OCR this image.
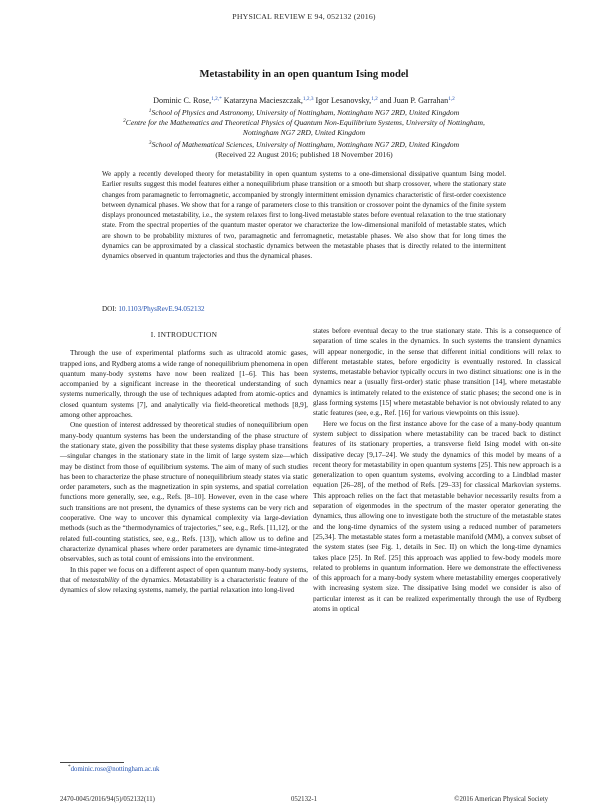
PHYSICAL REVIEW E 94, 052132 (2016)
Metastability in an open quantum Ising model
Dominic C. Rose,$^{1,2,*}$ Katarzyna Macieszczak,$^{1,2,3}$ Igor Lesanovsky,$^{1,2}$ and Juan P. Garrahan$^{1,2}$
$^1$School of Physics and Astronomy, University of Nottingham, Nottingham NG7 2RD, United Kingdom
$^2$Centre for the Mathematics and Theoretical Physics of Quantum Non-Equilibrium Systems, University of Nottingham,
Nottingham NG7 2RD, United Kingdom
$^3$School of Mathematical Sciences, University of Nottingham, Nottingham NG7 2RD, United Kingdom
(Received 22 August 2016; published 18 November 2016)
We apply a recently developed theory for metastability in open quantum systems to a one-dimensional dissipative quantum Ising model. Earlier results suggest this model features either a nonequilibrium phase transition or a smooth but sharp crossover, where the stationary state changes from paramagnetic to ferromagnetic, accompanied by strongly intermittent emission dynamics characteristic of first-order coexistence between dynamical phases. We show that for a range of parameters close to this transition or crossover point the dynamics of the finite system displays pronounced metastability, i.e., the system relaxes first to long-lived metastable states before eventual relaxation to the true stationary state. From the spectral properties of the quantum master operator we characterize the low-dimensional manifold of metastable states, which are shown to be probability mixtures of two, paramagnetic and ferromagnetic, metastable phases. We also show that for long times the dynamics can be approximated by a classical stochastic dynamics between the metastable phases that is directly related to the intermittent dynamics observed in quantum trajectories and thus the dynamical phases.
DOI: 10.1103/PhysRevE.94.052132
I. INTRODUCTION

Through the use of experimental platforms such as ultracold atomic gases, trapped ions, and Rydberg atoms a wide range of nonequilibrium phenomena in open quantum many-body systems have now been realized [1–6]. This has been accompanied by a significant increase in the theoretical understanding of such systems numerically, through the use of techniques adapted from atomic-optics and closed quantum systems [7], and analytically via field-theoretical methods [8,9], among other approaches.

One question of interest addressed by theoretical studies of nonequilibrium open many-body quantum systems has been the understanding of the phase structure of the stationary state, given the possibility that these systems display phase transitions—singular changes in the stationary state in the limit of large system size—which may be distinct from those of equilibrium systems. The aim of many of such studies has been to characterize the phase structure of nonequilibrium steady states via static order parameters, such as the magnetization in spin systems, and spatial correlation functions more generally, see, e.g., Refs. [8–10]. However, even in the case where such transitions are not present, the dynamics of these systems can be very rich and cooperative. One way to uncover this dynamical complexity via large-deviation methods (such as the “thermodynamics of trajectories,” see, e.g., Refs. [11,12], or the related full-counting statistics, see, e.g., Refs. [13]), which allow us to define and characterize dynamical phases where order parameters are dynamic time-integrated observables, such as total count of emissions into the environment.

In this paper we focus on a different aspect of open quantum many-body systems, that of metastability of the dynamics. Metastability is a characteristic feature of the dynamics of slow relaxing systems, namely, the partial relaxation into long-lived

states before eventual decay to the true stationary state. This is a consequence of separation of time scales in the dynamics. In such systems the transient dynamics will appear nonergodic, in the sense that different initial conditions will relax to different metastable states, before ergodicity is eventually restored. In classical systems, metastable behavior typically occurs in two distinct situations: one is in the dynamics near a (usually first-order) static phase transition [14], where metastable dynamics is intimately related to the existence of static phases; the second one is in glass forming systems [15] where metastable behavior is not obviously related to any static features (see, e.g., Ref. [16] for various viewpoints on this issue).

Here we focus on the first instance above for the case of a many-body quantum system subject to dissipation where metastability can be traced back to distinct features of its stationary properties, a transverse field Ising model with on-site dissipative decay [9,17–24]. We study the dynamics of this model by means of a recent theory for metastability in open quantum systems [25]. This new approach is a generalization to open quantum systems, evolving according to a Lindblad master equation [26–28], of the method of Refs. [29–33] for classical Markovian systems. This approach relies on the fact that metastable behavior necessarily results from a separation of eigenmodes in the spectrum of the master operator generating the dynamics, thus allowing one to investigate both the structure of the metastable states and the long-time dynamics of the system using a reduced number of parameters [25,34]. The metastable states form a metastable manifold (MM), a convex subset of the system states (see Fig. 1, details in Sec. II) on which the long-time dynamics takes place [25]. In Ref. [25] this approach was applied to few-body models more related to problems in quantum information. Here we demonstrate the effectiveness of this approach for a many-body system where metastability emerges cooperatively with increasing system size. The dissipative Ising model we consider is also of particular interest as it can be realized experimentally through the use of Rydberg atoms in optical

*dominic.rose@nottingham.ac.uk
2470-0045/2016/94(5)/052132(11)	052132-1	©2016 American Physical Society
